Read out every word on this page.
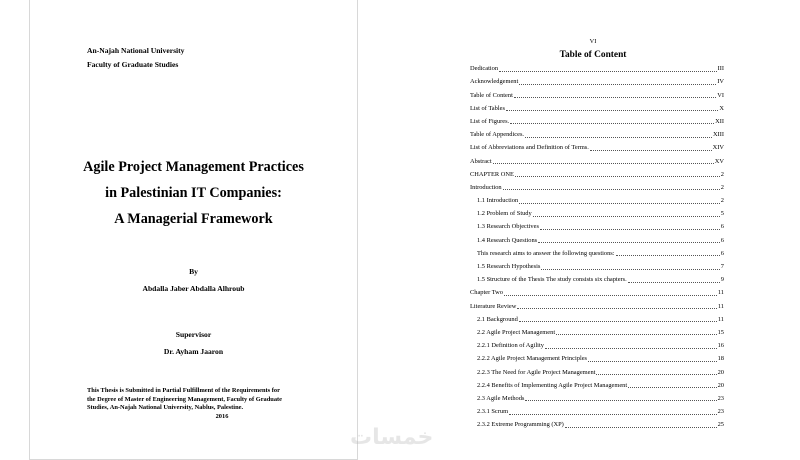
An-Najah National University
Faculty of Graduate Studies
Agile Project Management Practices
in Palestinian IT Companies:
A Managerial Framework
By
Abdalla Jaber Abdalla Alhroub
Supervisor
Dr. Ayham Jaaron
This Thesis is Submitted in Partial Fulfillment of the Requirements for
the Degree of Master of Engineering Management, Faculty of Graduate
Studies, An-Najah National University, Nablus, Palestine.
2016
VI
Table of Content
Dedication	III
Acknowledgement	IV
Table of Content	VI
List of Tables	X
List of Figures.	XII
Table of Appendices.	XIII
List of Abbreviations and Definition of Terms.	XIV
Abstract	XV
CHAPTER ONE	2
Introduction	2
1.1 Introduction	2
1.2 Problem of Study	5
1.3 Research Objectives	6
1.4 Research Questions	6
This research aims to answer the following questions:	6
1.5 Research Hypothesis	7
1.5 Structure of the Thesis The study consists six chapters.	9
Chapter Two	11
Literature Review	11
2.1 Background	11
2.2 Agile Project Management	15
2.2.1 Definition of Agility	16
2.2.2 Agile Project Management Principles	18
2.2.3 The Need for Agile Project Management	20
2.2.4 Benefits of Implementing Agile Project Management	20
2.3 Agile Methods	23
2.3.1 Scrum	23
2.3.2 Extreme Programming (XP)	25
خمسات
